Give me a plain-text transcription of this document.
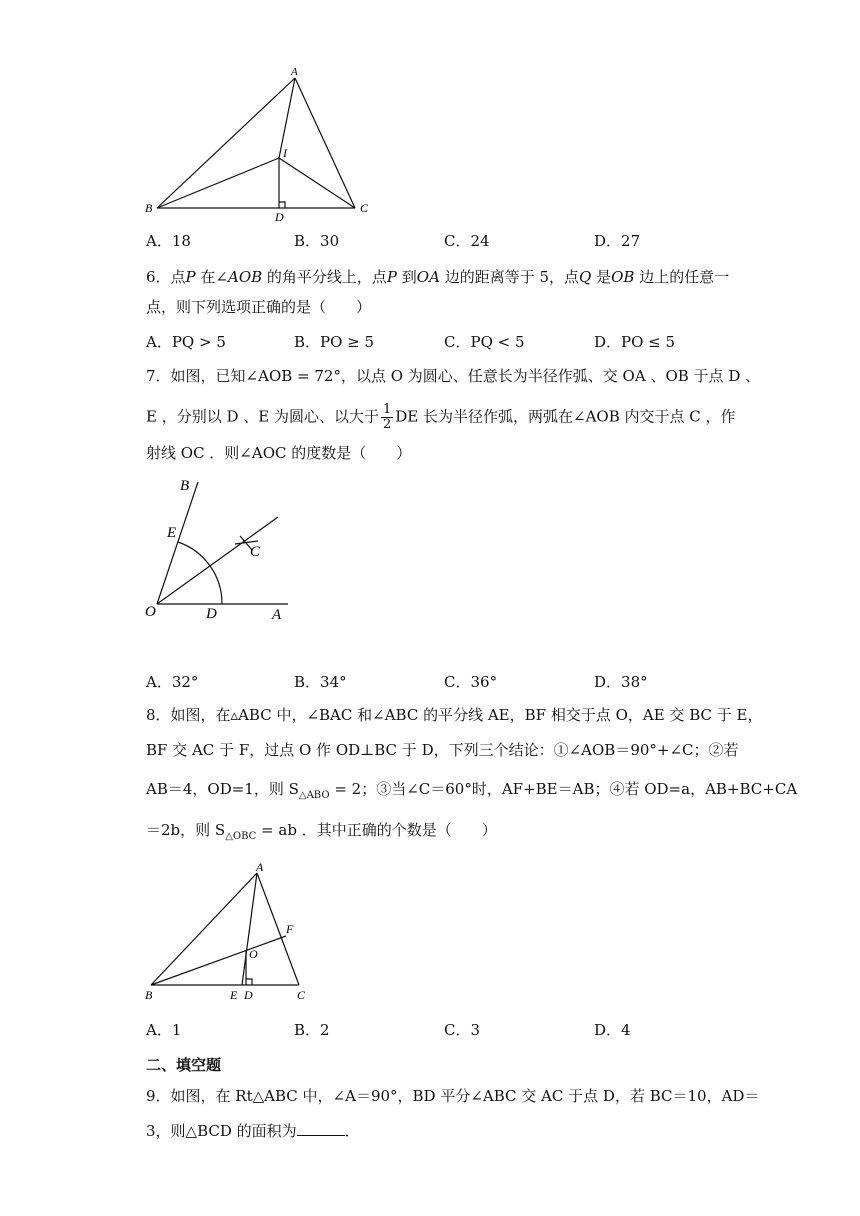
A
I
B	C
D
A．18	B．30	C．24	D．27
6．点P 在∠AOB 的角平分线上，点P 到OA 边的距离等于 5，点Q 是OB 边上的任意一
点，则下列选项正确的是（　　）
A．PQ > 5	B．PO ≥ 5	C．PQ < 5	D．PO ≤ 5
7．如图，已知∠AOB = 72°，以点 O 为圆心、任意长为半径作弧、交 OA 、OB 于点 D 、
E ，分别以 D 、E 为圆心、以大于 $\frac{1}{2}$ DE 长为半径作弧，两弧在∠AOB 内交于点 C ，作
射线 OC ．则∠AOC 的度数是（　　）
B
E
C
O	D	A
A．32°	B．34°	C．36°	D．38°
8．如图，在▵ABC 中，∠BAC 和∠ABC 的平分线 AE，BF 相交于点 O，AE 交 BC 于 E，
BF 交 AC 于 F，过点 O 作 OD⊥BC 于 D，下列三个结论：①∠AOB＝90°+∠C；②若
AB＝4，OD=1，则 $S_{\triangle ABO} = 2$；③当∠C＝60°时，AF+BE＝AB；④若 OD=a，AB+BC+CA
＝2b，则 $S_{\triangle OBC}$ = ab ．其中正确的个数是（　　）
A
F
O
B	E D	C
A．1	B．2	C．3	D．4
二、填空题
9．如图，在 Rt△ABC 中，∠A＝90°，BD 平分∠ABC 交 AC 于点 D，若 BC＝10，AD＝
3，则△BCD 的面积为	．
